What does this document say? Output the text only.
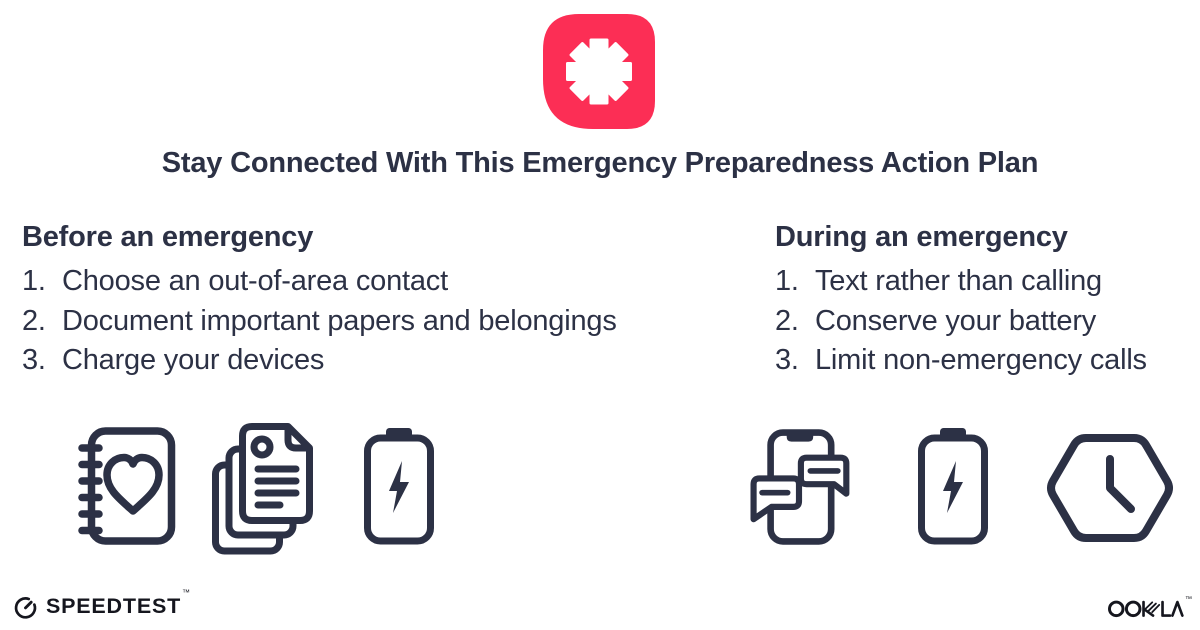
Stay Connected With This Emergency Preparedness Action Plan
Before an emergency
1. Choose an out-of-area contact
2. Document important papers and belongings
3. Charge your devices
During an emergency
1. Text rather than calling
2. Conserve your battery
3. Limit non-emergency calls
SPEEDTEST™
™
